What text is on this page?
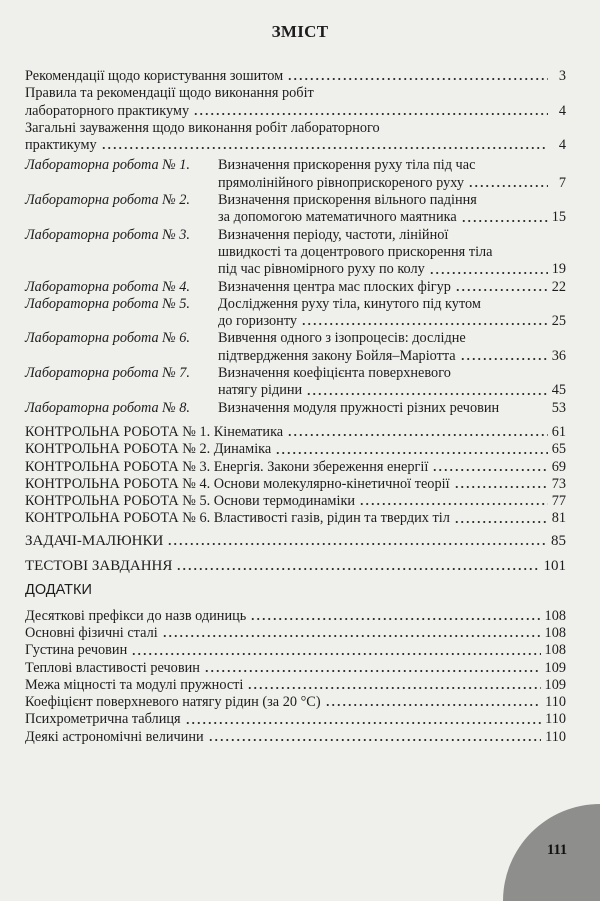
ЗМІСТ
Рекомендації щодо користування зошитом	3
Правила та рекомендації щодо виконання робіт
лабораторного практикуму	4
Загальні зауваження щодо виконання робіт лабораторного
практикуму	4
Лабораторна робота № 1.	Визначення прискорення руху тіла під час
прямолінійного рівноприскореного руху	7
Лабораторна робота № 2.	Визначення прискорення вільного падіння
за допомогою математичного маятника	15
Лабораторна робота № 3.	Визначення періоду, частоти, лінійної
швидкості та доцентрового прискорення тіла
під час рівномірного руху по колу	19
Лабораторна робота № 4.	Визначення центра мас плоских фігур	22
Лабораторна робота № 5.	Дослідження руху тіла, кинутого під кутом
до горизонту	25
Лабораторна робота № 6.	Вивчення одного з ізопроцесів: дослідне
підтвердження закону Бойля–Маріотта	36
Лабораторна робота № 7.	Визначення коефіцієнта поверхневого
натягу рідини	45
Лабораторна робота № 8.	Визначення модуля пружності різних речовин	53
КОНТРОЛЬНА РОБОТА № 1. Кінематика	61
КОНТРОЛЬНА РОБОТА № 2. Динаміка	65
КОНТРОЛЬНА РОБОТА № 3. Енергія. Закони збереження енергії	69
КОНТРОЛЬНА РОБОТА № 4. Основи молекулярно-кінетичної теорії	73
КОНТРОЛЬНА РОБОТА № 5. Основи термодинаміки	77
КОНТРОЛЬНА РОБОТА № 6. Властивості газів, рідин та твердих тіл	81
ЗАДАЧІ-МАЛЮНКИ	85
ТЕСТОВІ ЗАВДАННЯ	101
ДОДАТКИ
Десяткові префікси до назв одиниць	108
Основні фізичні сталі	108
Густина речовин	108
Теплові властивості речовин	109
Межа міцності та модулі пружності	109
Коефіцієнт поверхневого натягу рідин (за 20 °С)	110
Психрометрична таблиця	110
Деякі астрономічні величини	110
111
